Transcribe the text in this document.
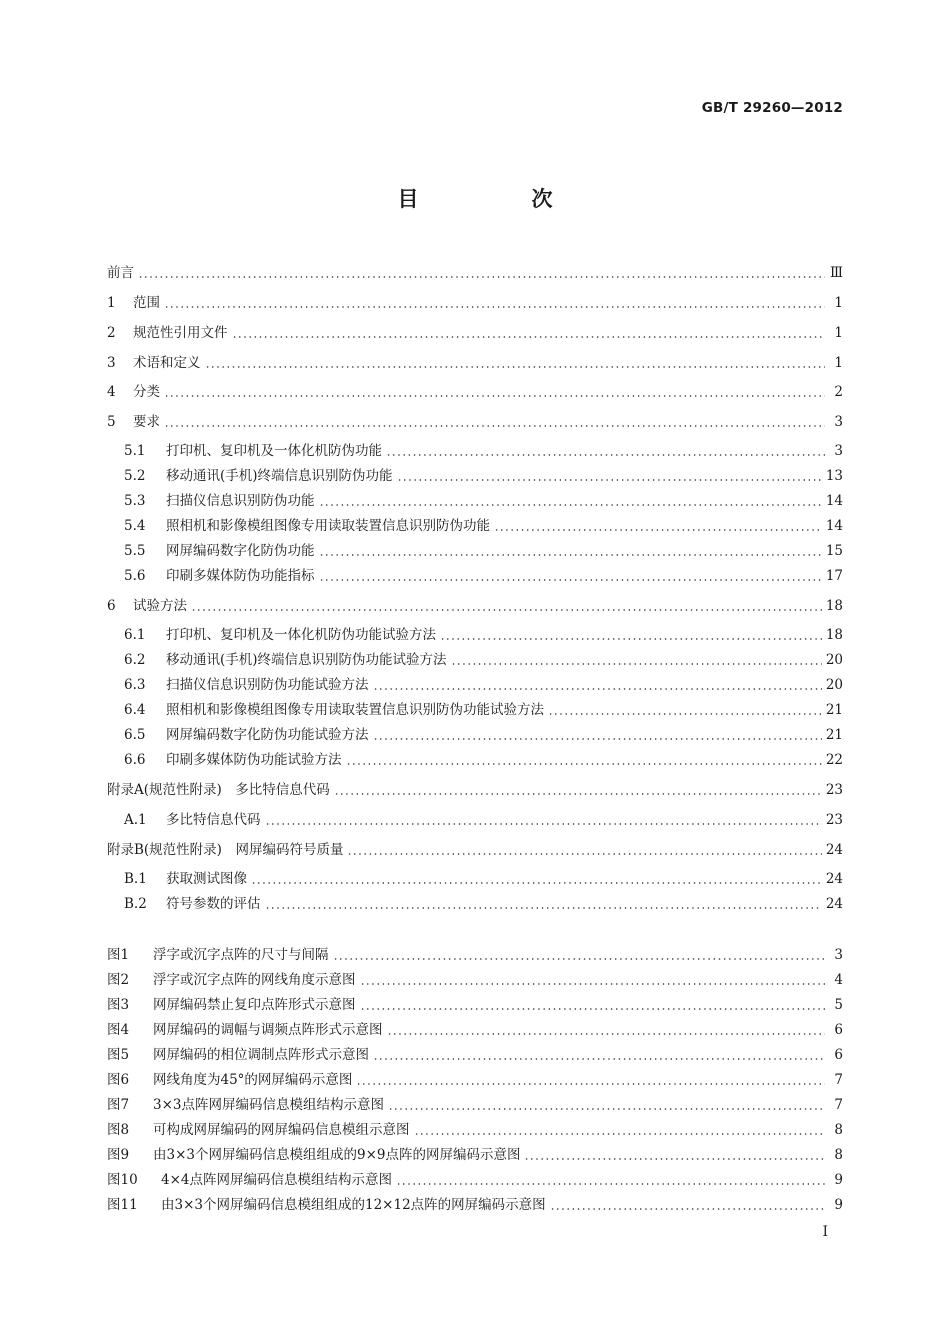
GB/T 29260—2012
目　次
前言	Ⅲ
1 范围	1
2 规范性引用文件	1
3 术语和定义	1
4 分类	2
5 要求	3
5.1 打印机、复印机及一体化机防伪功能	3
5.2 移动通讯(手机)终端信息识别防伪功能	13
5.3 扫描仪信息识别防伪功能	14
5.4 照相机和影像模组图像专用读取装置信息识别防伪功能	14
5.5 网屏编码数字化防伪功能	15
5.6 印刷多媒体防伪功能指标	17
6 试验方法	18
6.1 打印机、复印机及一体化机防伪功能试验方法	18
6.2 移动通讯(手机)终端信息识别防伪功能试验方法	20
6.3 扫描仪信息识别防伪功能试验方法	20
6.4 照相机和影像模组图像专用读取装置信息识别防伪功能试验方法	21
6.5 网屏编码数字化防伪功能试验方法	21
6.6 印刷多媒体防伪功能试验方法	22
附录A(规范性附录)　多比特信息代码	23
A.1 多比特信息代码	23
附录B(规范性附录)　网屏编码符号质量	24
B.1 获取测试图像	24
B.2 符号参数的评估	24
图1 浮字或沉字点阵的尺寸与间隔	3
图2 浮字或沉字点阵的网线角度示意图	4
图3 网屏编码禁止复印点阵形式示意图	5
图4 网屏编码的调幅与调频点阵形式示意图	6
图5 网屏编码的相位调制点阵形式示意图	6
图6 网线角度为45°的网屏编码示意图	7
图7 3×3点阵网屏编码信息模组结构示意图	7
图8 可构成网屏编码的网屏编码信息模组示意图	8
图9 由3×3个网屏编码信息模组组成的9×9点阵的网屏编码示意图	8
图10 4×4点阵网屏编码信息模组结构示意图	9
图11 由3×3个网屏编码信息模组组成的12×12点阵的网屏编码示意图	9
I
